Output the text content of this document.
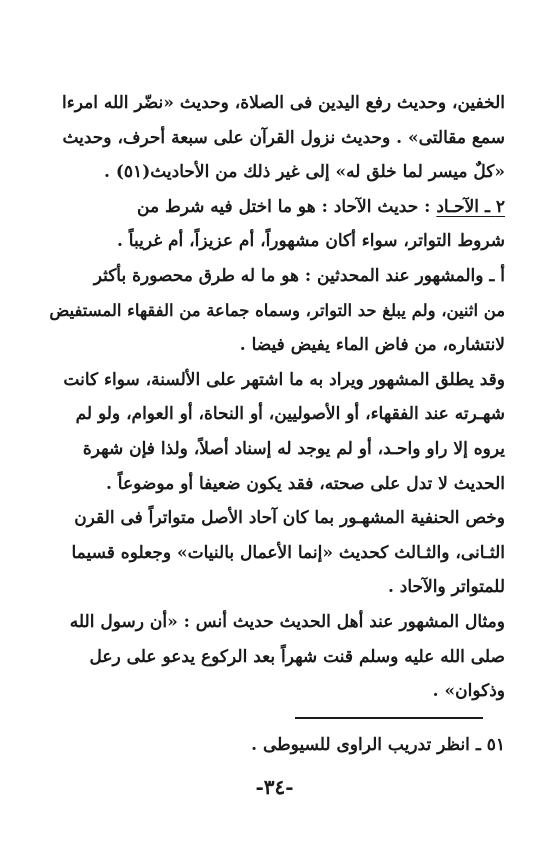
الخفين، وحديث رفع اليدين فى الصلاة، وحديث «نضّر الله امرءا
سمع مقالتى» . وحديث نزول القرآن على سبعة أحرف، وحديث
«كلٌ ميسر لما خلق له» إلى غير ذلك من الأحاديث(٥١) .

٢ ـ الآحـاد : حديث الآحاد : هو ما اختل فيه شرط من
شروط التواتر، سواء أكان مشهوراً، أم عزيزاً، أم غريباً .

أ ـ والمشهور عند المحدثين : هو ما له طرق محصورة بأكثر
من اثنين، ولم يبلغ حد التواتر، وسماه جماعة من الفقهاء المستفيض
لانتشاره، من فاض الماء يفيض فيضا .

وقد يطلق المشهور ويراد به ما اشتهر على الألسنة، سواء كانت
شهـرته عند الفقهاء، أو الأصوليين، أو النحاة، أو العوام، ولو لم
يروه إلا راو واحـد، أو لم يوجد له إسناد أصلاً، ولذا فإن شهرة
الحديث لا تدل على صحته، فقد يكون ضعيفا أو موضوعاً .

وخص الحنفية المشهـور بما كان آحاد الأصل متواتراً فى القرن
الثـانى، والثـالث كحديث «إنما الأعمال بالنيات» وجعلوه قسيما
للمتواتر والآحاد .

ومثال المشهور عند أهل الحديث حديث أنس : «أن رسول الله
صلى الله عليه وسلم قنت شهراً بعد الركوع يدعو على رعل
وذكوان» .

٥١ ـ انظر تدريب الراوى للسيوطى .
-٣٤-
